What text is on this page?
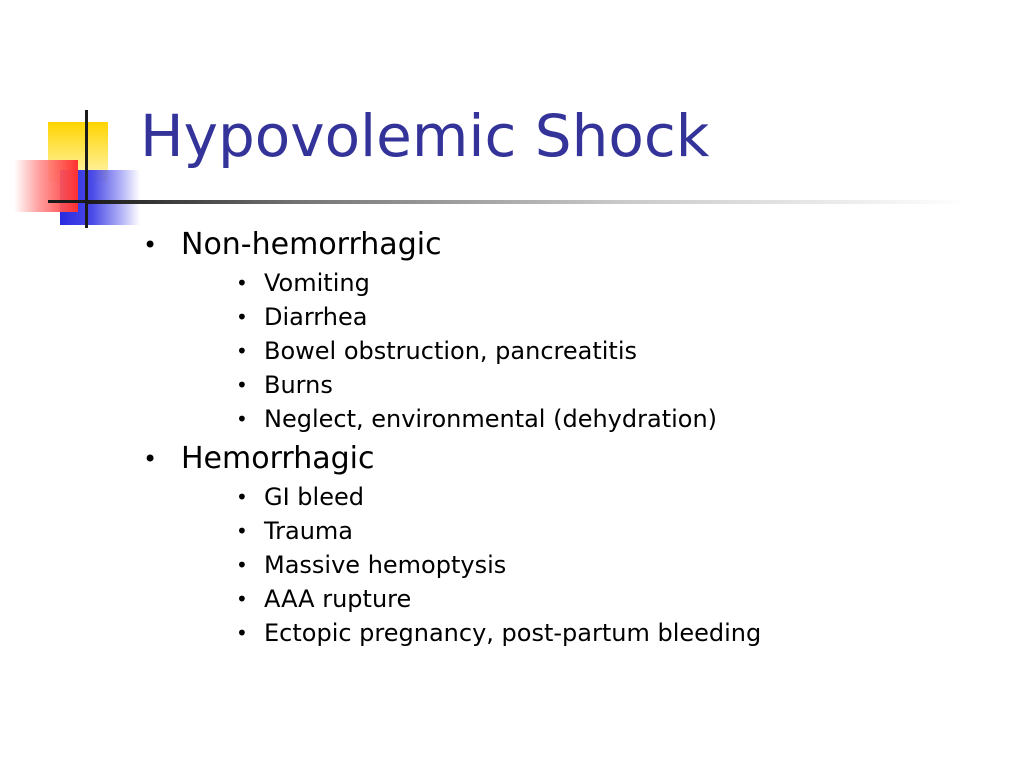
Hypovolemic Shock
• Non-hemorrhagic
• Vomiting
• Diarrhea
• Bowel obstruction, pancreatitis
• Burns
• Neglect, environmental (dehydration)
• Hemorrhagic
• GI bleed
• Trauma
• Massive hemoptysis
• AAA rupture
• Ectopic pregnancy, post-partum bleeding
